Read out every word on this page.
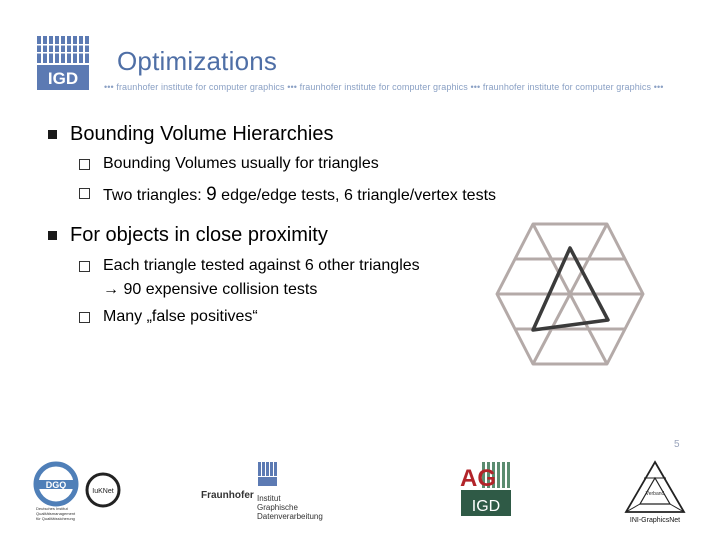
IGD
Optimizations
••• fraunhofer institute for computer graphics ••• fraunhofer institute for computer graphics ••• fraunhofer institute for computer graphics •••
Bounding Volume Hierarchies
Bounding Volumes usually for triangles
Two triangles: 9 edge/edge tests, 6 triangle/vertex tests
For objects in close proximity
Each triangle tested against 6 other triangles
→ 90 expensive collision tests
Many „false positives“
5
DGQ
IuKNet
Deutsches Institut
Qualitätsmanagement
für Qualitätssicherung
Fraunhofer Institut
Graphische
Datenverarbeitung
AG
IGD
Verband
INI-GraphicsNet
